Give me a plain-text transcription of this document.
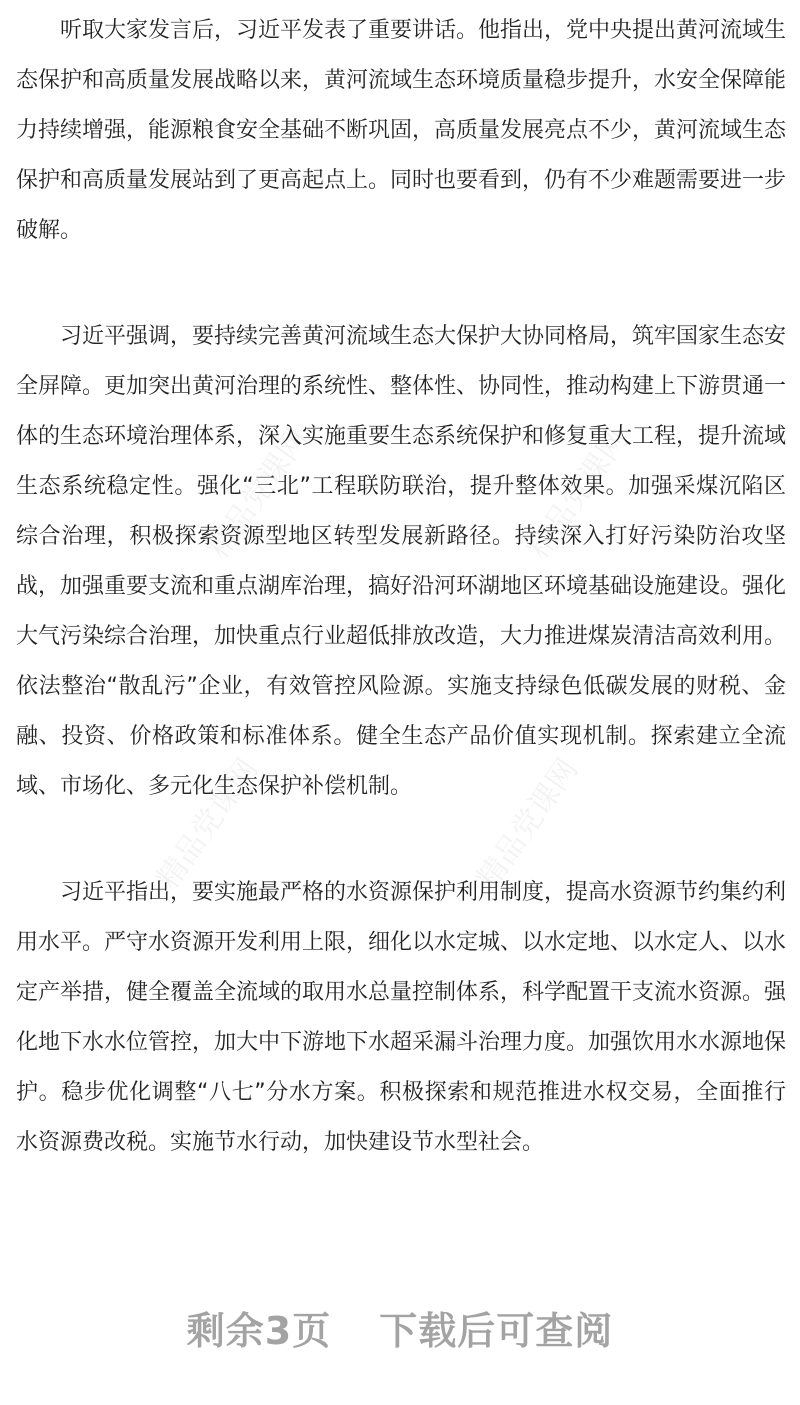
精品党课网	精品党课网
精品党课网	精品党课网

听取大家发言后，习近平发表了重要讲话。他指出，党中央提出黄河流域生态保护和高质量发展战略以来，黄河流域生态环境质量稳步提升，水安全保障能力持续增强，能源粮食安全基础不断巩固，高质量发展亮点不少，黄河流域生态保护和高质量发展站到了更高起点上。同时也要看到，仍有不少难题需要进一步破解。

习近平强调，要持续完善黄河流域生态大保护大协同格局，筑牢国家生态安全屏障。更加突出黄河治理的系统性、整体性、协同性，推动构建上下游贯通一体的生态环境治理体系，深入实施重要生态系统保护和修复重大工程，提升流域生态系统稳定性。强化“三北”工程联防联治，提升整体效果。加强采煤沉陷区综合治理，积极探索资源型地区转型发展新路径。持续深入打好污染防治攻坚战，加强重要支流和重点湖库治理，搞好沿河环湖地区环境基础设施建设。强化大气污染综合治理，加快重点行业超低排放改造，大力推进煤炭清洁高效利用。依法整治“散乱污”企业，有效管控风险源。实施支持绿色低碳发展的财税、金融、投资、价格政策和标准体系。健全生态产品价值实现机制。探索建立全流域、市场化、多元化生态保护补偿机制。

习近平指出，要实施最严格的水资源保护利用制度，提高水资源节约集约利用水平。严守水资源开发利用上限，细化以水定城、以水定地、以水定人、以水定产举措，健全覆盖全流域的取用水总量控制体系，科学配置干支流水资源。强化地下水水位管控，加大中下游地下水超采漏斗治理力度。加强饮用水水源地保护。稳步优化调整“八七”分水方案。积极探索和规范推进水权交易，全面推行水资源费改税。实施节水行动，加快建设节水型社会。

剩余3页 下载后可查阅
